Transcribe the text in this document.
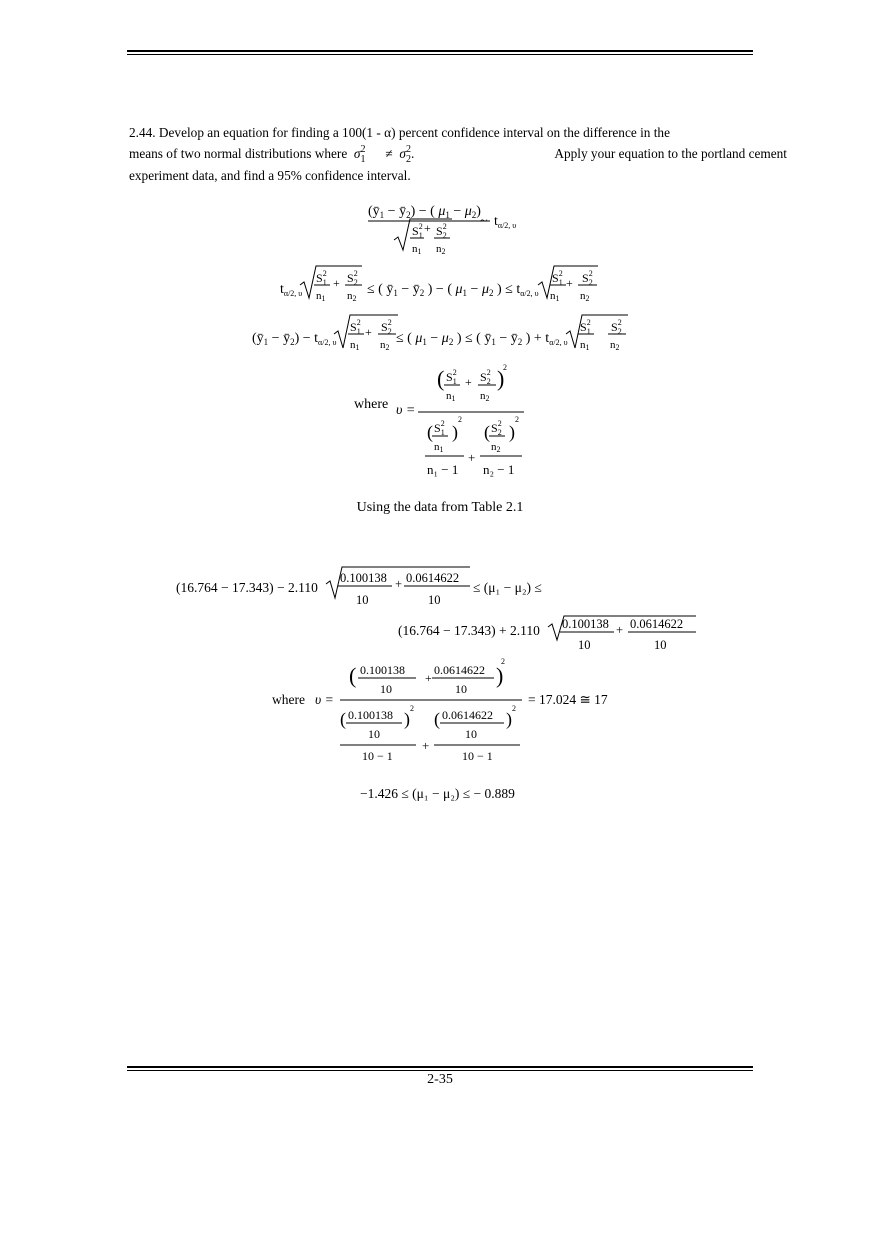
2.44. Develop an equation for finding a 100(1 - α) percent confidence interval on the difference in the
means of two normal distributions where σ 2
1 ≠ σ 2
2 .	Apply your equation to the portland cement
experiment data, and find a 95% confidence interval.
($ȳ_1$ − $ȳ_2$) − ( $\mu_1 - \mu_2$)
$S^2$ 1
+ $S^2$ 2
n1 n2
~ $t_{\alpha/2, \upsilon}$
$t_{\alpha/2, \upsilon}$
$S^2$ $1 + S^2$ 2
n1 n2
≤ ( $ȳ_1$ − $ȳ_2$ ) − ( $\mu_1 - \mu_2$ ) ≤ $t_{\alpha/2, \upsilon}$
$S^2$ $1 + S^2$ 2
n1 n2
($ȳ_1$ − $ȳ_2) - t_{\alpha/2, \upsilon}$
$S^2$ $1 + S^2$ 2
n1 n2
≤ ( $\mu_1 - \mu_2$ ) ≤ ( $ȳ_1$ − $ȳ_2$ ) + $t_{\alpha/2, \upsilon}$
$S^2$ 1 $S^2$ 2
n1 n2
where υ =
( $S^2$ $1 + S^2$ 2
n1 n2
)
2
( $S^2$ 1
n1
)
2
n₁ − 1
+
( $S^2$ 2
n2
)
2
n₂ − 1
Using the data from Table 2.1
(16.764 − 17.343) − 2.110
0.100138 + 0.0614622
10	10
≤ (μ₁ − μ₂) ≤
(16.764 − 17.343) + 2.110 0.100138 + 0.0614622
10	10
where υ =
( 0.100138
10
+
0.0614622
10
)
2
= 17.024 ≅ 17
( 0.100138
10
)
2
10 − 1
+
( 0.0614622
10
)
2
10 − 1
−1.426 ≤ (μ₁ − μ₂) ≤ − 0.889
2-35
